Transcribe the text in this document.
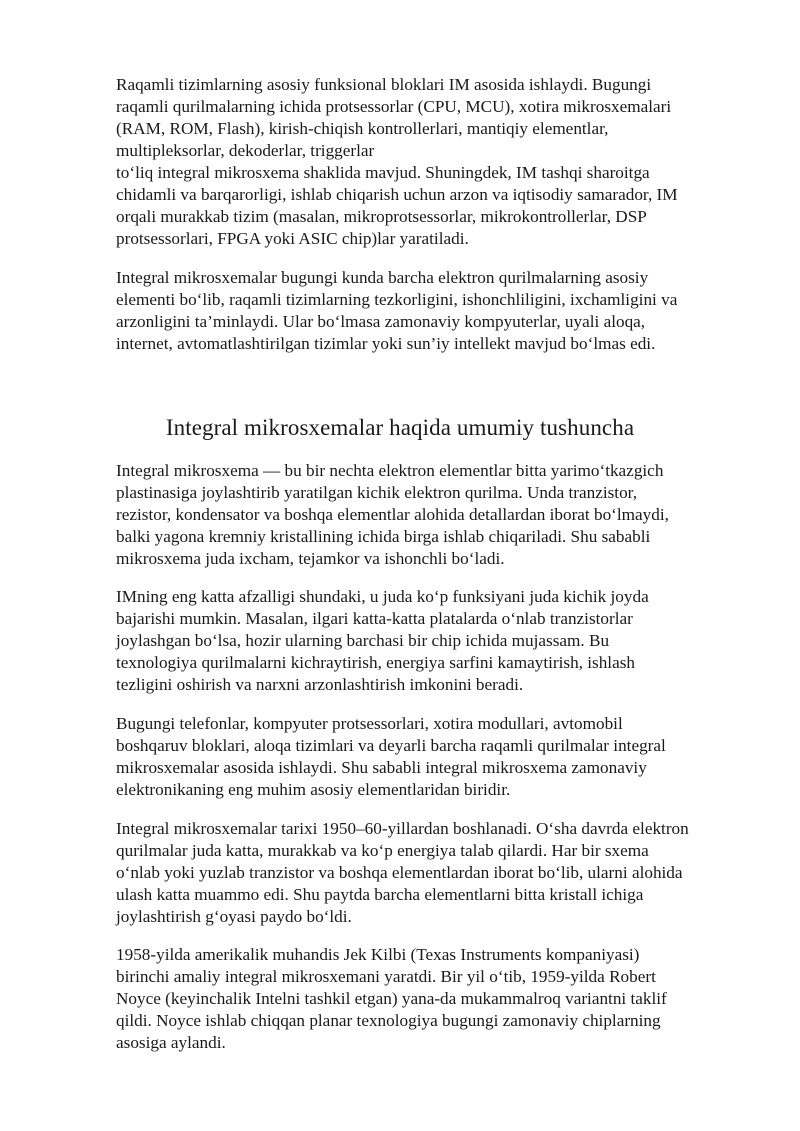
Raqamli tizimlarning asosiy funksional bloklari IM asosida ishlaydi. Bugungi
raqamli qurilmalarning ichida protsessorlar (CPU, MCU), xotira mikrosxemalari
(RAM, ROM, Flash), kirish-chiqish kontrollerlari, mantiqiy elementlar,
multipleksorlar, dekoderlar, triggerlar
to‘liq integral mikrosxema shaklida mavjud. Shuningdek, IM tashqi sharoitga
chidamli va barqarorligi, ishlab chiqarish uchun arzon va iqtisodiy samarador, IM
orqali murakkab tizim (masalan, mikroprotsessorlar, mikrokontrollerlar, DSP
protsessorlari, FPGA yoki ASIC chip)lar yaratiladi.

Integral mikrosxemalar bugungi kunda barcha elektron qurilmalarning asosiy
elementi bo‘lib, raqamli tizimlarning tezkorligini, ishonchliligini, ixchamligini va
arzonligini ta’minlaydi. Ular bo‘lmasa zamonaviy kompyuterlar, uyali aloqa,
internet, avtomatlashtirilgan tizimlar yoki sun’iy intellekt mavjud bo‘lmas edi.

Integral mikrosxemalar haqida umumiy tushuncha

Integral mikrosxema — bu bir nechta elektron elementlar bitta yarimo‘tkazgich
plastinasiga joylashtirib yaratilgan kichik elektron qurilma. Unda tranzistor,
rezistor, kondensator va boshqa elementlar alohida detallardan iborat bo‘lmaydi,
balki yagona kremniy kristallining ichida birga ishlab chiqariladi. Shu sababli
mikrosxema juda ixcham, tejamkor va ishonchli bo‘ladi.

IMning eng katta afzalligi shundaki, u juda ko‘p funksiyani juda kichik joyda
bajarishi mumkin. Masalan, ilgari katta-katta platalarda o‘nlab tranzistorlar
joylashgan bo‘lsa, hozir ularning barchasi bir chip ichida mujassam. Bu
texnologiya qurilmalarni kichraytirish, energiya sarfini kamaytirish, ishlash
tezligini oshirish va narxni arzonlashtirish imkonini beradi.

Bugungi telefonlar, kompyuter protsessorlari, xotira modullari, avtomobil
boshqaruv bloklari, aloqa tizimlari va deyarli barcha raqamli qurilmalar integral
mikrosxemalar asosida ishlaydi. Shu sababli integral mikrosxema zamonaviy
elektronikaning eng muhim asosiy elementlaridan biridir.

Integral mikrosxemalar tarixi 1950–60-yillardan boshlanadi. O‘sha davrda elektron
qurilmalar juda katta, murakkab va ko‘p energiya talab qilardi. Har bir sxema
o‘nlab yoki yuzlab tranzistor va boshqa elementlardan iborat bo‘lib, ularni alohida
ulash katta muammo edi. Shu paytda barcha elementlarni bitta kristall ichiga
joylashtirish g‘oyasi paydo bo‘ldi.

1958-yilda amerikalik muhandis Jek Kilbi (Texas Instruments kompaniyasi)
birinchi amaliy integral mikrosxemani yaratdi. Bir yil o‘tib, 1959-yilda Robert
Noyce (keyinchalik Intelni tashkil etgan) yana-da mukammalroq variantni taklif
qildi. Noyce ishlab chiqqan planar texnologiya bugungi zamonaviy chiplarning
asosiga aylandi.
